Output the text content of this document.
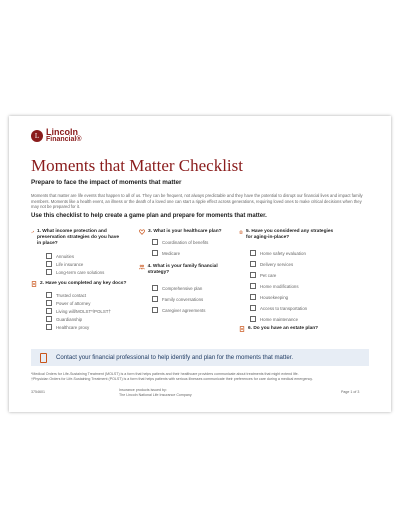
L Lincoln
Financial®
Moments that Matter Checklist
Prepare to face the impact of moments that matter
Moments that matter are life events that happen to all of us. They can be frequent, not always predictable and they have the potential to disrupt our financial lives and impact family members. Moments like a health event, an illness or the death of a loved one can start a ripple effect across generations, requiring loved ones to make critical decisions when they may not be prepared for it.
Use this checklist to help create a game plan and prepare for moments that matter.
1. What income protection and preservation strategies do you have in place?
Annuities
Life insurance
Long-term care solutions
2. Have you completed any key docs?
Trusted contact
Power of attorney
Living will/MOLST*/POLST†
Guardianship
Healthcare proxy
3. What is your healthcare plan?
Coordination of benefits
Medicare
4. What is your family financial strategy?
Comprehensive plan
Family conversations
Caregiver agreements
5. Have you considered any strategies for aging-in-place?
Home safety evaluation
Delivery services
Pet care
Home modifications
Housekeeping
Access to transportation
Home maintenance
6. Do you have an estate plan?
Contact your financial professional to help identify and plan for the moments that matter.
*Medical Orders for Life-Sustaining Treatment (MOLST) is a form that helps patients and their healthcare providers communicate about treatments that might extend life.
†Physician Orders for Life-Sustaining Treatment (POLST) is a form that helps patients with serious illnesses communicate their preferences for care during a medical emergency.
3754601	Insurance products issued by:
The Lincoln National Life Insurance Company
Page 1 of 3
